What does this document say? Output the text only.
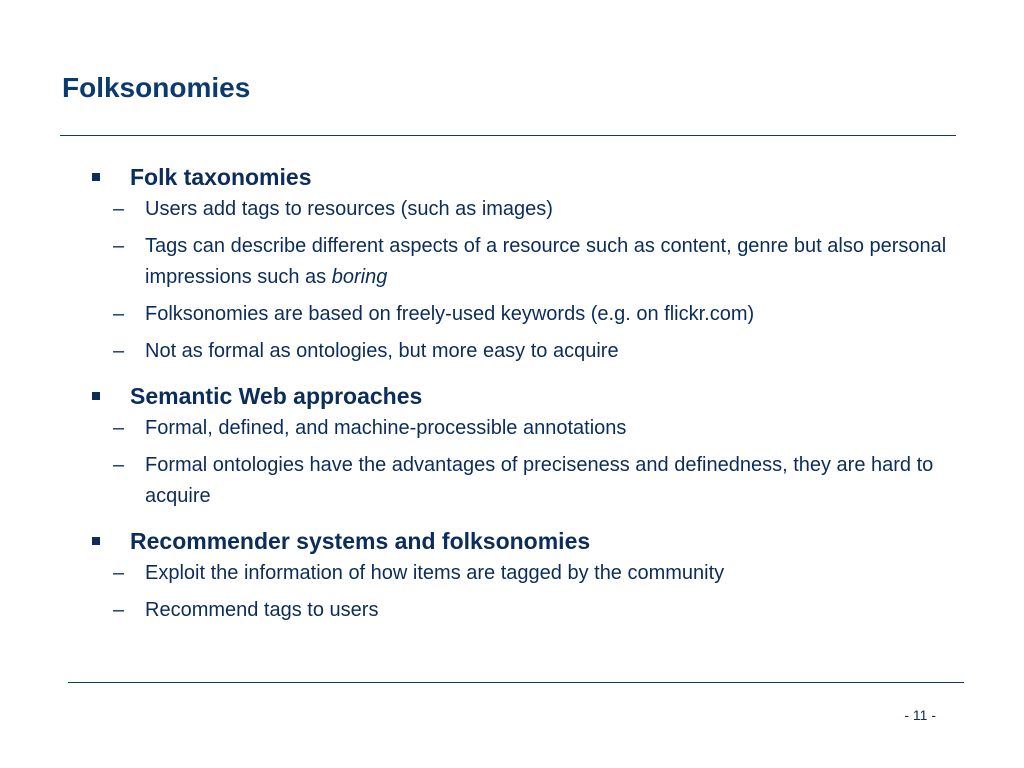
Folksonomies
Folk taxonomies
–	Users add tags to resources (such as images)
–	Tags can describe different aspects of a resource such as content, genre but also personal impressions such as boring
–	Folksonomies are based on freely-used keywords (e.g. on flickr.com)
–	Not as formal as ontologies, but more easy to acquire
Semantic Web approaches
–	Formal, defined, and machine-processible annotations
–	Formal ontologies have the advantages of preciseness and definedness, they are hard to acquire
Recommender systems and folksonomies
–	Exploit the information of how items are tagged by the community
–	Recommend tags to users
- 11 -
